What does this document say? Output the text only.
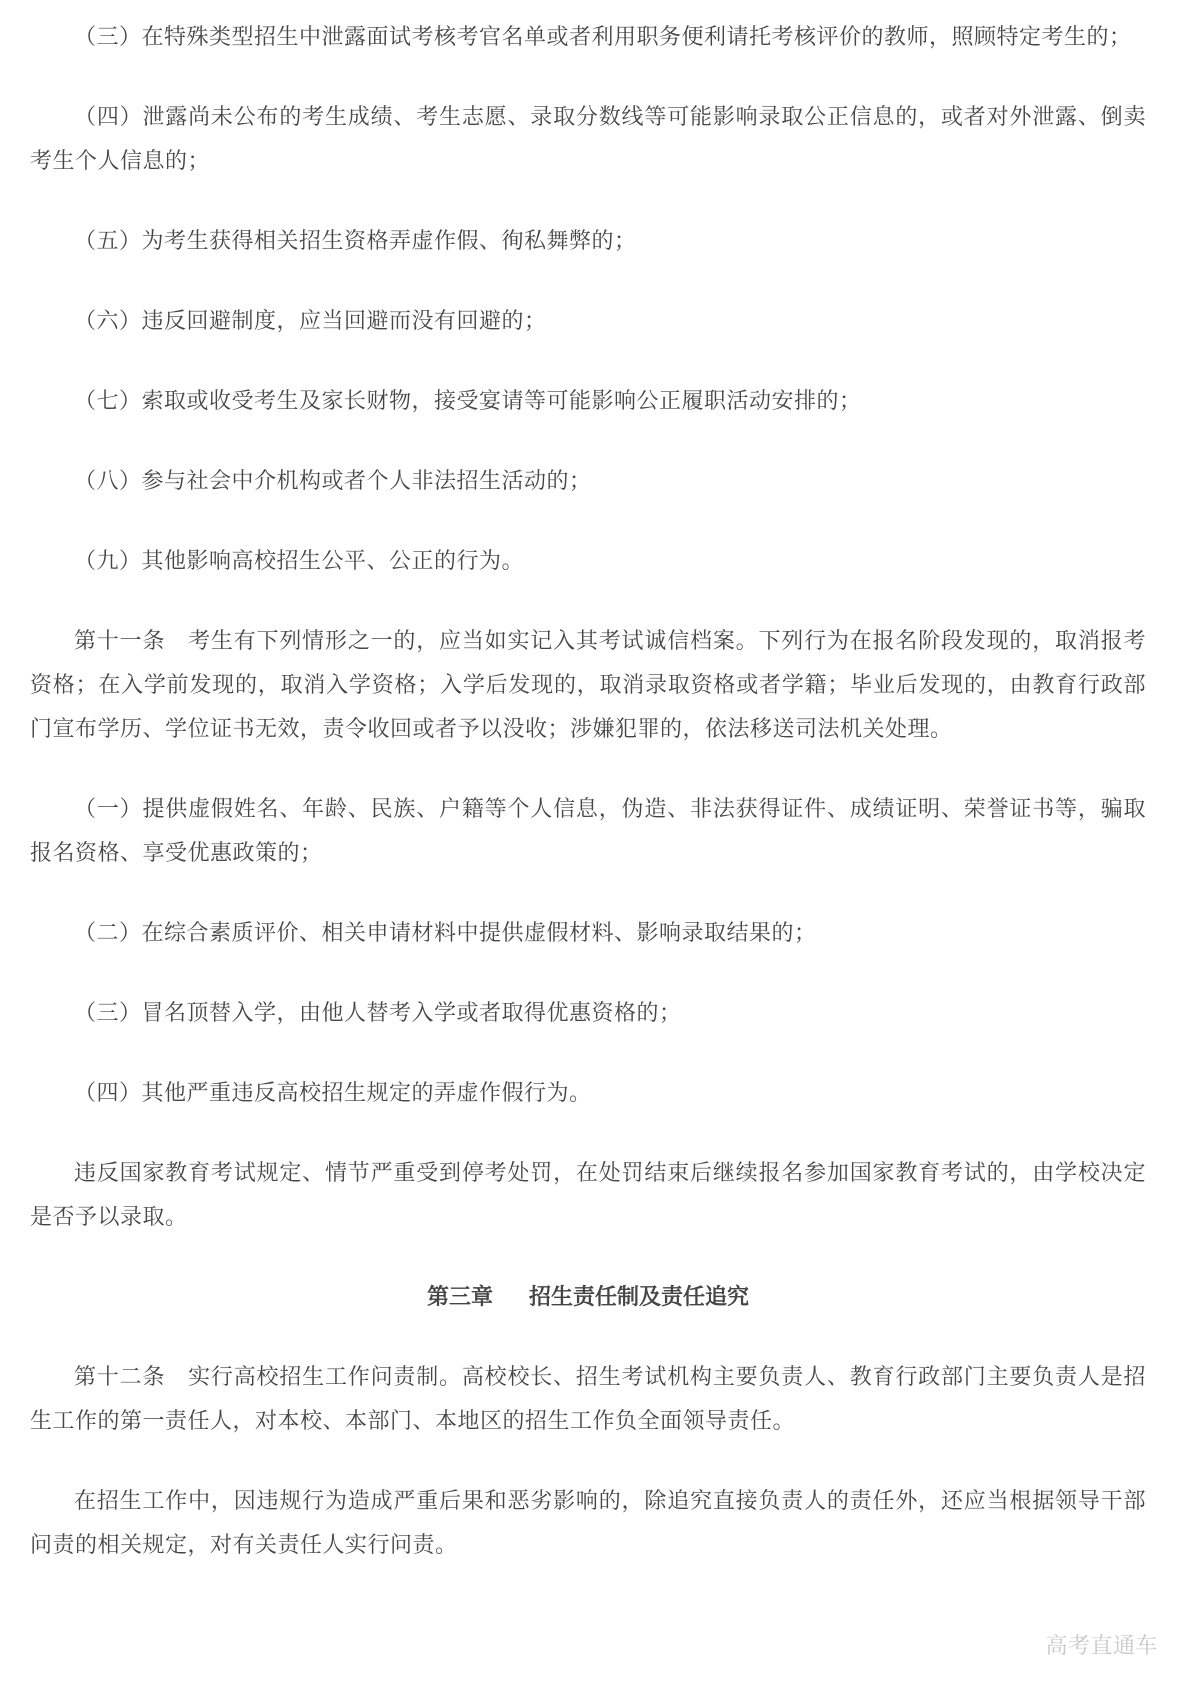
（三）在特殊类型招生中泄露面试考核考官名单或者利用职务便利请托考核评价的教师，照顾特定考生的；

（四）泄露尚未公布的考生成绩、考生志愿、录取分数线等可能影响录取公正信息的，或者对外泄露、倒卖考生个人信息的；

（五）为考生获得相关招生资格弄虚作假、徇私舞弊的；

（六）违反回避制度，应当回避而没有回避的；

（七）索取或收受考生及家长财物，接受宴请等可能影响公正履职活动安排的；

（八）参与社会中介机构或者个人非法招生活动的；

（九）其他影响高校招生公平、公正的行为。

第十一条　考生有下列情形之一的，应当如实记入其考试诚信档案。下列行为在报名阶段发现的，取消报考资格；在入学前发现的，取消入学资格；入学后发现的，取消录取资格或者学籍；毕业后发现的，由教育行政部门宣布学历、学位证书无效，责令收回或者予以没收；涉嫌犯罪的，依法移送司法机关处理。

（一）提供虚假姓名、年龄、民族、户籍等个人信息，伪造、非法获得证件、成绩证明、荣誉证书等，骗取报名资格、享受优惠政策的；

（二）在综合素质评价、相关申请材料中提供虚假材料、影响录取结果的；

（三）冒名顶替入学，由他人替考入学或者取得优惠资格的；

（四）其他严重违反高校招生规定的弄虚作假行为。

违反国家教育考试规定、情节严重受到停考处罚，在处罚结束后继续报名参加国家教育考试的，由学校决定是否予以录取。

第三章 招生责任制及责任追究

第十二条　实行高校招生工作问责制。高校校长、招生考试机构主要负责人、教育行政部门主要负责人是招生工作的第一责任人，对本校、本部门、本地区的招生工作负全面领导责任。

在招生工作中，因违规行为造成严重后果和恶劣影响的，除追究直接负责人的责任外，还应当根据领导干部问责的相关规定，对有关责任人实行问责。

高考直通车
